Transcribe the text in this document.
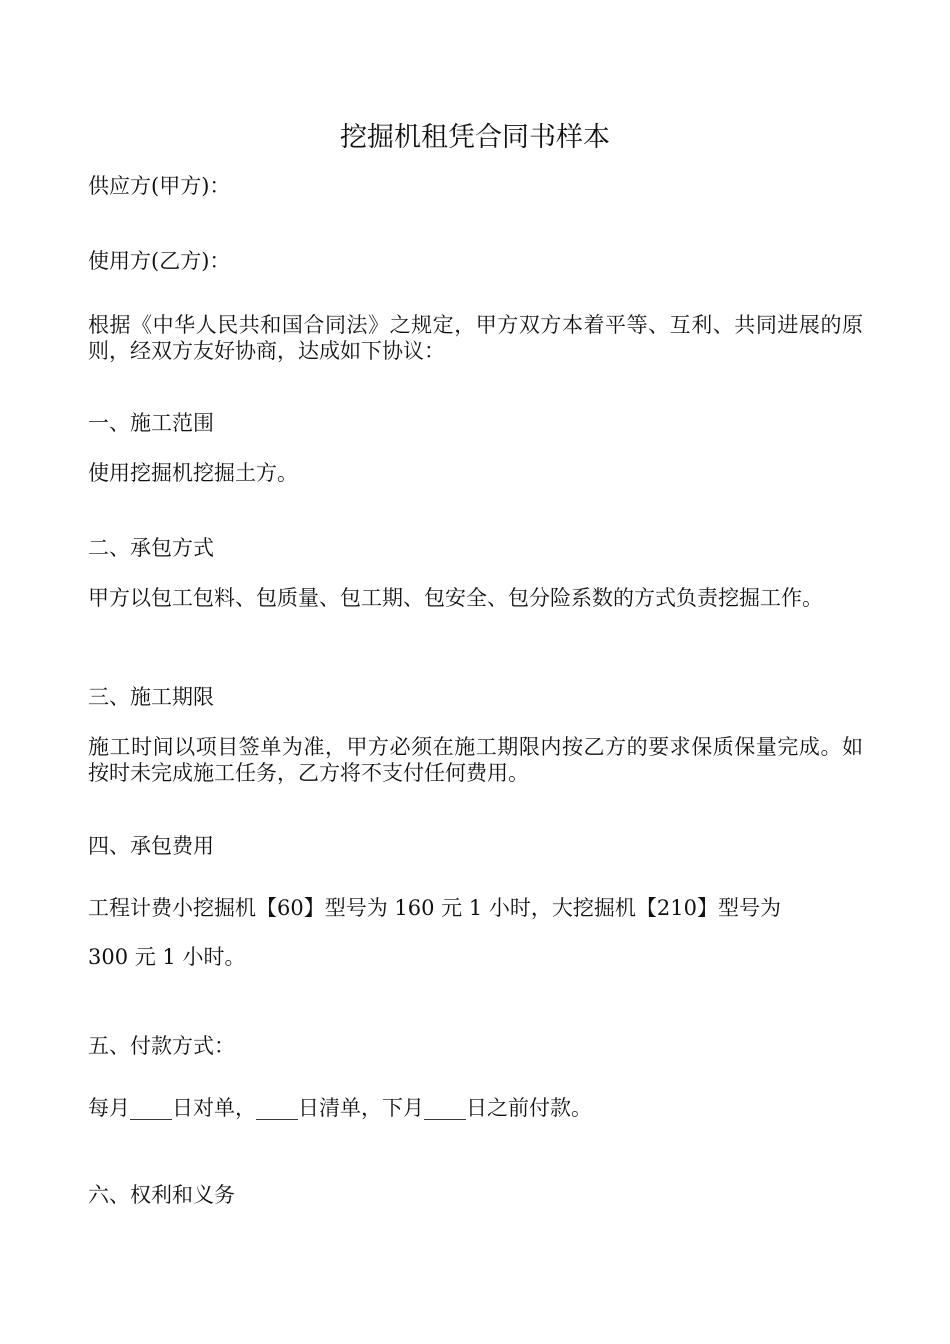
挖掘机租凭合同书样本
供应方(甲方)：
使用方(乙方)：
根据《中华人民共和国合同法》之规定，甲方双方本着平等、互利、共同进展的原则，经双方友好协商，达成如下协议：
一、施工范围
使用挖掘机挖掘土方。
二、承包方式
甲方以包工包料、包质量、包工期、包安全、包分险系数的方式负责挖掘工作。
三、施工期限
施工时间以项目签单为准，甲方必须在施工期限内按乙方的要求保质保量完成。如按时未完成施工任务，乙方将不支付任何费用。
四、承包费用
工程计费小挖掘机【60】型号为 160 元 1 小时，大挖掘机【210】型号为
300 元 1 小时。
五、付款方式：
每月____日对单，____日清单，下月____日之前付款。
六、权利和义务
